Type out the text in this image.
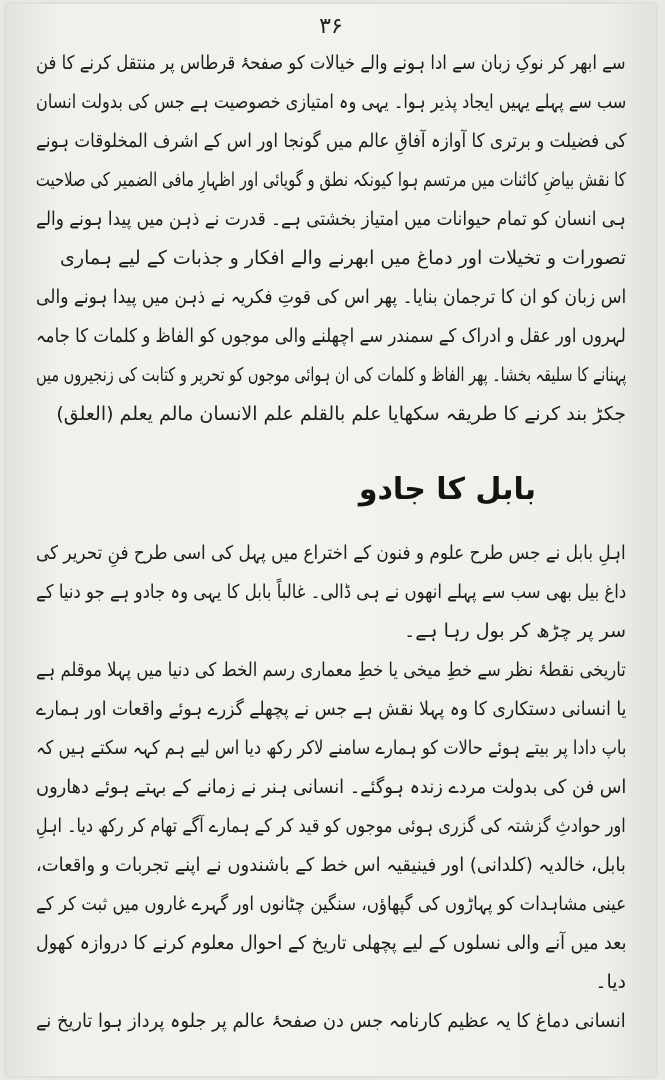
۳۶
سے ابھر کر نوکِ زبان سے ادا ہونے والے خیالات کو صفحۂ قرطاس پر منتقل کرنے کا فن
سب سے پہلے یہیں ایجاد پذیر ہوا۔ یہی وہ امتیازی خصوصیت ہے جس کی بدولت انسان
کی فضیلت و برتری کا آوازہ آفاقِ عالم میں گونجا اور اس کے اشرف المخلوقات ہونے
کا نقش بیاضِ کائنات میں مرتسم ہوا کیونکہ نطق و گویائی اور اظہارِ مافی الضمیر کی صلاحیت
ہی انسان کو تمام حیوانات میں امتیاز بخشتی ہے۔ قدرت نے ذہن میں پیدا ہونے والے
تصورات و تخیلات اور دماغ میں ابھرنے والے افکار و جذبات کے لیے ہماری
اس زبان کو ان کا ترجمان بنایا۔ پھر اس کی قوتِ فکریہ نے ذہن میں پیدا ہونے والی
لہروں اور عقل و ادراک کے سمندر سے اچھلنے والی موجوں کو الفاظ و کلمات کا جامہ
پہنانے کا سلیقہ بخشا۔ پھر الفاظ و کلمات کی ان ہوائی موجوں کو تحریر و کتابت کی زنجیروں میں
جکڑ بند کرنے کا طریقہ سکھایا علم بالقلم علم الانسان مالم یعلم (العلق)
بابل کا جادو
اہلِ بابل نے جس طرح علوم و فنون کے اختراع میں پہل کی اسی طرح فنِ تحریر کی
داغ بیل بھی سب سے پہلے انھوں نے ہی ڈالی۔ غالباً بابل کا یہی وہ جادو ہے جو دنیا کے
سر پر چڑھ کر بول رہا ہے۔
تاریخی نقطۂ نظر سے خطِ میخی یا خطِ معماری رسم الخط کی دنیا میں پہلا موقلم ہے
یا انسانی دستکاری کا وہ پہلا نقش ہے جس نے پچھلے گزرے ہوئے واقعات اور ہمارے
باپ دادا پر بیتے ہوئے حالات کو ہمارے سامنے لاکر رکھ دیا اس لیے ہم کہہ سکتے ہیں کہ
اس فن کی بدولت مردے زندہ ہوگئے۔ انسانی ہنر نے زمانے کے بہتے ہوئے دھاروں
اور حوادثِ گزشتہ کی گزری ہوئی موجوں کو قید کر کے ہمارے آگے تھام کر رکھ دیا۔ اہلِ
بابل، خالدیہ (کلدانی) اور فینیقیہ اس خط کے باشندوں نے اپنے تجربات و واقعات،
عینی مشاہدات کو پہاڑوں کی گپھاؤں، سنگین چٹانوں اور گہرے غاروں میں ثبت کر کے
بعد میں آنے والی نسلوں کے لیے پچھلی تاریخ کے احوال معلوم کرنے کا دروازہ کھول
دیا۔
انسانی دماغ کا یہ عظیم کارنامہ جس دن صفحۂ عالم پر جلوہ پرداز ہوا تاریخ نے
